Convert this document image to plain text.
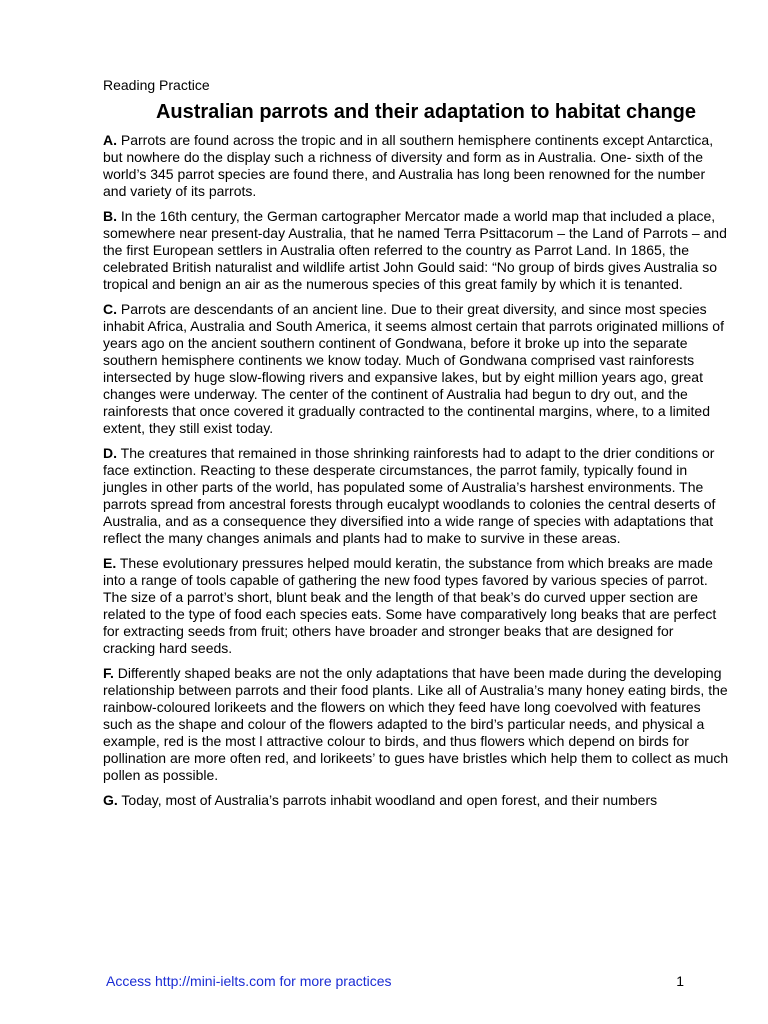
Reading Practice
Australian parrots and their adaptation to habitat change

A. Parrots are found across the tropic and in all southern hemisphere continents except Antarctica, but nowhere do the display such a richness of diversity and form as in Australia. One- sixth of the world’s 345 parrot species are found there, and Australia has long been renowned for the number and variety of its parrots.

B. In the 16th century, the German cartographer Mercator made a world map that included a place, somewhere near present-day Australia, that he named Terra Psittacorum – the Land of Parrots – and the first European settlers in Australia often referred to the country as Parrot Land. In 1865, the celebrated British naturalist and wildlife artist John Gould said: “No group of birds gives Australia so tropical and benign an air as the numerous species of this great family by which it is tenanted.

C. Parrots are descendants of an ancient line. Due to their great diversity, and since most species inhabit Africa, Australia and South America, it seems almost certain that parrots originated millions of years ago on the ancient southern continent of Gondwana, before it broke up into the separate southern hemisphere continents we know today. Much of Gondwana comprised vast rainforests intersected by huge slow-flowing rivers and expansive lakes, but by eight million years ago, great changes were underway. The center of the continent of Australia had begun to dry out, and the rainforests that once covered it gradually contracted to the continental margins, where, to a limited extent, they still exist today.

D. The creatures that remained in those shrinking rainforests had to adapt to the drier conditions or face extinction. Reacting to these desperate circumstances, the parrot family, typically found in jungles in other parts of the world, has populated some of Australia’s harshest environments. The parrots spread from ancestral forests through eucalypt woodlands to colonies the central deserts of Australia, and as a consequence they diversified into a wide range of species with adaptations that reflect the many changes animals and plants had to make to survive in these areas.

E. These evolutionary pressures helped mould keratin, the substance from which breaks are made into a range of tools capable of gathering the new food types favored by various species of parrot. The size of a parrot’s short, blunt beak and the length of that beak’s do curved upper section are related to the type of food each species eats. Some have comparatively long beaks that are perfect for extracting seeds from fruit; others have broader and stronger beaks that are designed for cracking hard seeds.

F. Differently shaped beaks are not the only adaptations that have been made during the developing relationship between parrots and their food plants. Like all of Australia’s many honey eating birds, the rainbow-coloured lorikeets and the flowers on which they feed have long coevolved with features such as the shape and colour of the flowers adapted to the bird’s particular needs, and physical a example, red is the most l attractive colour to birds, and thus flowers which depend on birds for pollination are more often red, and lorikeets’ to gues have bristles which help them to collect as much pollen as possible.

G. Today, most of Australia’s parrots inhabit woodland and open forest, and their numbers

Access http://mini-ielts.com for more practices	1
